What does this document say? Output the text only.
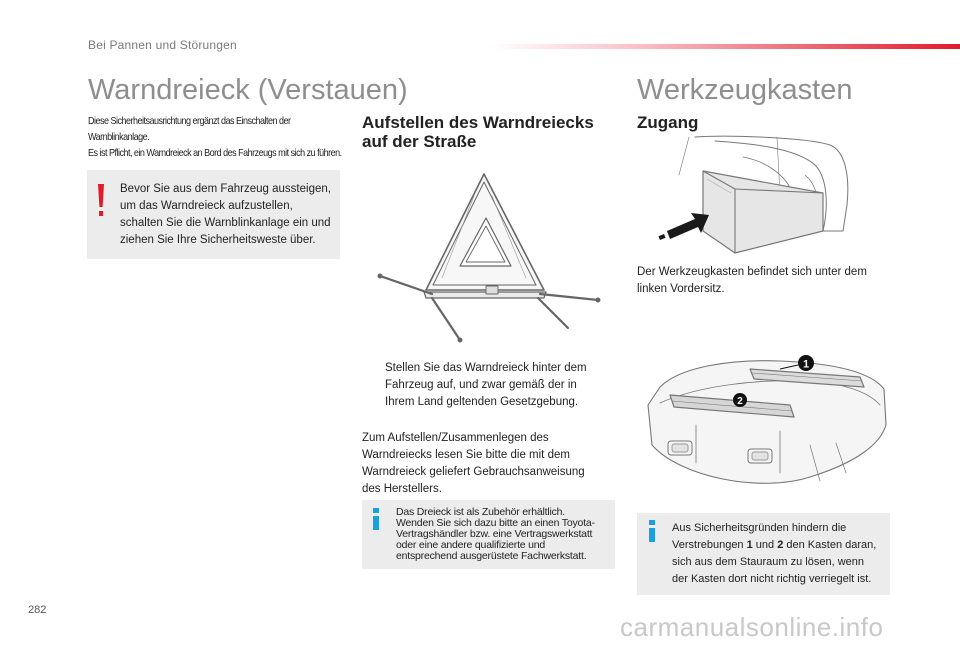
Bei Pannen und Störungen
Warndreieck (Verstauen)
Diese Sicherheitsausrichtung ergänzt das Einschalten der
Warnblinkanlage.
Es ist Pflicht, ein Warndreieck an Bord des Fahrzeugs mit sich zu führen.
Bevor Sie aus dem Fahrzeug aussteigen,
um das Warndreieck aufzustellen,
schalten Sie die Warnblinkanlage ein und
ziehen Sie Ihre Sicherheitsweste über.
Aufstellen des Warndreiecks
auf der Straße
Stellen Sie das Warndreieck hinter dem
Fahrzeug auf, und zwar gemäß der in
Ihrem Land geltenden Gesetzgebung.
Zum Aufstellen/Zusammenlegen des
Warndreiecks lesen Sie bitte die mit dem
Warndreieck geliefert Gebrauchsanweisung
des Herstellers.
Das Dreieck ist als Zubehör erhältlich.
Wenden Sie sich dazu bitte an einen Toyota-
Vertragshändler bzw. eine Vertragswerkstatt
oder eine andere qualifizierte und
entsprechend ausgerüstete Fachwerkstatt.
Werkzeugkasten
Zugang
Der Werkzeugkasten befindet sich unter dem
linken Vordersitz.
1
2
Aus Sicherheitsgründen hindern die
Verstrebungen 1 und 2 den Kasten daran,
sich aus dem Stauraum zu lösen, wenn
der Kasten dort nicht richtig verriegelt ist.
282
carmanualsonline.info
